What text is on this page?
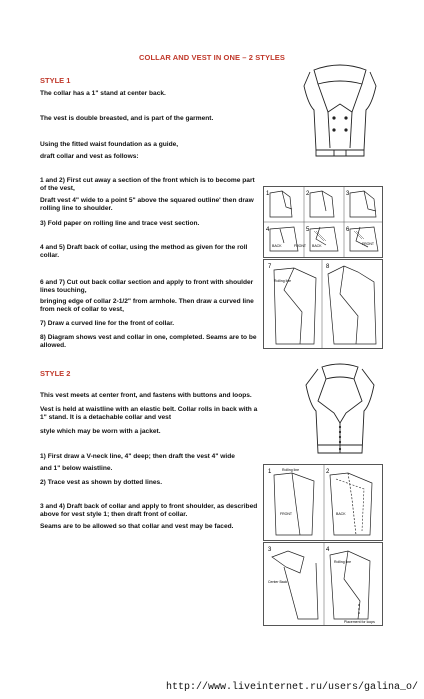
COLLAR AND VEST IN ONE – 2 STYLES
STYLE 1
The collar has a 1" stand at center back.
The vest is double breasted, and is part of the garment.
Using the fitted waist foundation as a guide,
draft collar and vest as follows:
1 and 2) First cut away a section of the front which is to become part of the vest,
Draft vest 4" wide to a point 5" above the squared outline' then draw rolling line to shoulder.
3) Fold paper on rolling line and trace vest section.
4 and 5) Draft back of collar, using the method as given for the roll collar.
6 and 7) Cut out back collar section and apply to front with shoulder lines touching,
bringing edge of collar 2-1/2" from armhole. Then draw a curved line from neck of collar to vest,
7) Draw a curved line for the front of collar.
8) Diagram shows vest and collar in one, completed. Seams are to be allowed.
1	2	3
4	5	6
BACK	FRONT BACK	FRONT
7	8
Rolling line
STYLE 2
This vest meets at center front, and fastens with buttons and loops.
Vest is held at waistline with an elastic belt. Collar rolls in back with a 1" stand. It is a detachable collar and vest
style which may be worn with a jacket.
1) First draw a V-neck line, 4" deep; then draft the vest 4" wide
and 1" below waistline.
2) Trace vest as shown by dotted lines.
3 and 4) Draft back of collar and apply to front shoulder, as described above for vest style 1; then draft front of collar.
Seams are to be allowed so that collar and vest may be faced.
1	2
Rolling line
FRONT	BACK
3	4
Center Back
Rolling line
Placement for loops
http://www.liveinternet.ru/users/galina_o/
